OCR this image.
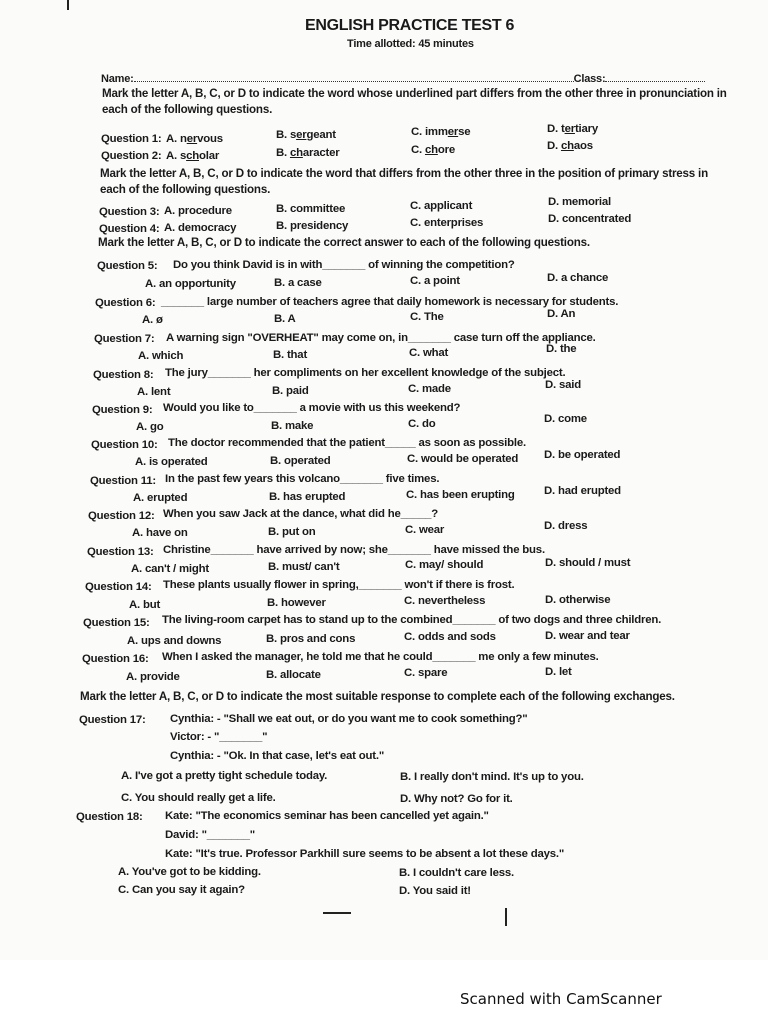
ENGLISH PRACTICE TEST 6
Time allotted: 45 minutes
Name:	Class:
Mark the letter A, B, C, or D to indicate the word whose underlined part differs from the other three in pronunciation in each of the following questions.
Question 1: A. nervous	B. sergeant	C. immerse	D. tertiary
Question 2: A. scholar	B. character	C. chore	D. chaos
Mark the letter A, B, C, or D to indicate the word that differs from the other three in the position of primary stress in each of the following questions.
Question 3: A. procedure	B. committee	C. applicant	D. memorial
Question 4: A. democracy	B. presidency	C. enterprises	D. concentrated
Mark the letter A, B, C, or D to indicate the correct answer to each of the following questions.
Question 5: Do you think David is in with_______ of winning the competition?
A. an opportunity	B. a case	C. a point	D. a chance
Question 6: _______ large number of teachers agree that daily homework is necessary for students.
A. ø	B. A	C. The	D. An
Question 7: A warning sign "OVERHEAT" may come on, in_______ case turn off the appliance.
A. which	B. that	C. what	D. the
Question 8: The jury_______ her compliments on her excellent knowledge of the subject.
A. lent	B. paid	C. made	D. said
Question 9: Would you like to_______ a movie with us this weekend?
A. go	B. make	C. do	D. come
Question 10: The doctor recommended that the patient_____ as soon as possible.
A. is operated	B. operated	C. would be operated D. be operated
Question 11: In the past few years this volcano_______ five times.
A. erupted	B. has erupted	C. has been erupting	D. had erupted
Question 12: When you saw Jack at the dance, what did he_____?
A. have on	B. put on	C. wear	D. dress
Question 13: Christine_______ have arrived by now; she_______ have missed the bus.
A. can't / might	B. must/ can't	C. may/ should	D. should / must
Question 14: These plants usually flower in spring,_______ won't if there is frost.
A. but	B. however	C. nevertheless	D. otherwise
Question 15: The living-room carpet has to stand up to the combined_______ of two dogs and three children.
A. ups and downs	B. pros and cons	C. odds and sods	D. wear and tear
Question 16: When I asked the manager, he told me that he could_______ me only a few minutes.
A. provide	B. allocate	C. spare	D. let
Mark the letter A, B, C, or D to indicate the most suitable response to complete each of the following exchanges.
Question 17: Cynthia: - "Shall we eat out, or do you want me to cook something?"
Victor: - "_______"
Cynthia: - "Ok. In that case, let's eat out."
A. I've got a pretty tight schedule today.	B. I really don't mind. It's up to you.
C. You should really get a life.	D. Why not? Go for it.
Question 18: Kate: "The economics seminar has been cancelled yet again."
David: "_______"
Kate: "It's true. Professor Parkhill sure seems to be absent a lot these days."
A. You've got to be kidding.	B. I couldn't care less.
C. Can you say it again?	D. You said it!
Scanned with CamScanner
